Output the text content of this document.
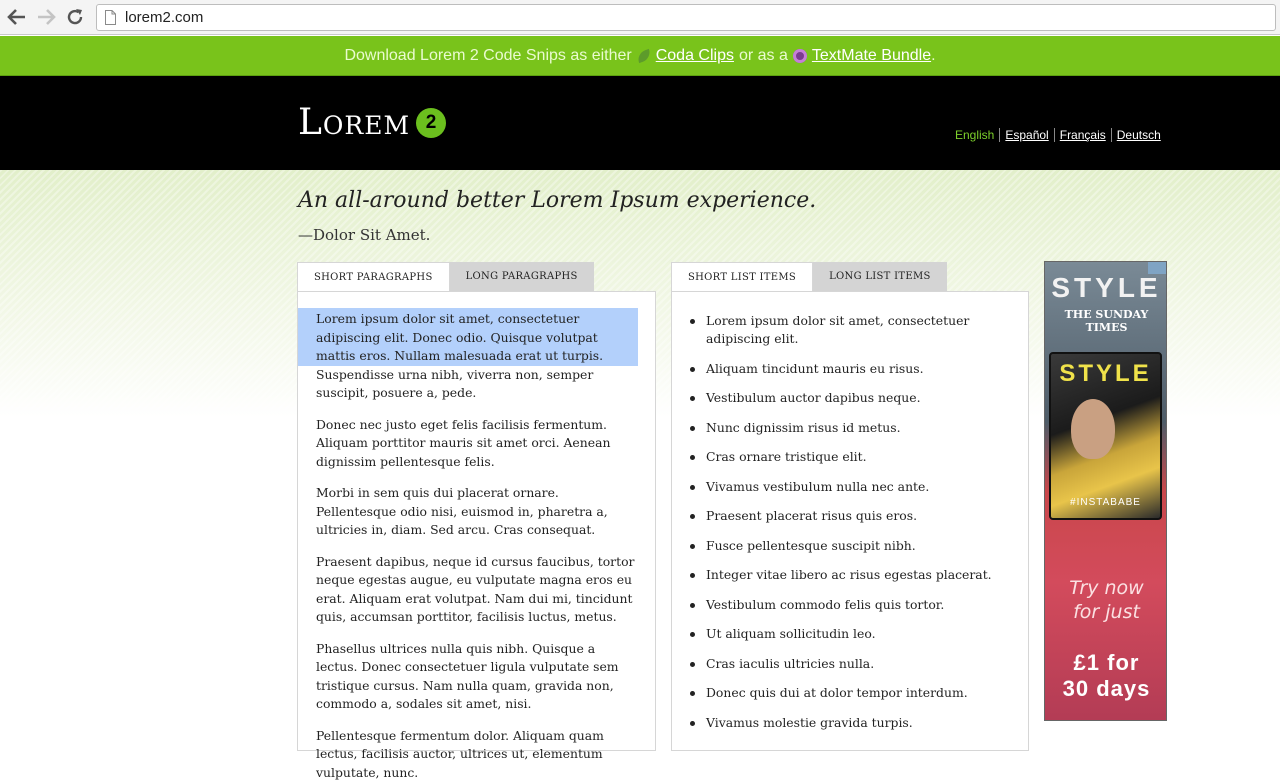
lorem2.com
Download Lorem 2 Code Snips as either Coda Clips or as a TextMate Bundle .
Lorem 2
English Español Français Deutsch
An all-around better Lorem Ipsum experience.
—Dolor Sit Amet.
SHORT PARAGRAPHS	LONG PARAGRAPHS

Lorem ipsum dolor sit amet, consectetuer adipiscing elit. Donec odio. Quisque volutpat mattis eros. Nullam malesuada erat ut turpis. Suspendisse urna nibh, viverra non, semper suscipit, posuere a, pede.

Donec nec justo eget felis facilisis fermentum. Aliquam porttitor mauris sit amet orci. Aenean dignissim pellentesque felis.

Morbi in sem quis dui placerat ornare. Pellentesque odio nisi, euismod in, pharetra a, ultricies in, diam. Sed arcu. Cras consequat.

Praesent dapibus, neque id cursus faucibus, tortor neque egestas augue, eu vulputate magna eros eu erat. Aliquam erat volutpat. Nam dui mi, tincidunt quis, accumsan porttitor, facilisis luctus, metus.

Phasellus ultrices nulla quis nibh. Quisque a lectus. Donec consectetuer ligula vulputate sem tristique cursus. Nam nulla quam, gravida non, commodo a, sodales sit amet, nisi.

Pellentesque fermentum dolor. Aliquam quam lectus, facilisis auctor, ultrices ut, elementum vulputate, nunc.

SHORT LIST ITEMS	LONG LIST ITEMS
Lorem ipsum dolor sit amet, consectetuer adipiscing elit.
Aliquam tincidunt mauris eu risus.
Vestibulum auctor dapibus neque.
Nunc dignissim risus id metus.
Cras ornare tristique elit.
Vivamus vestibulum nulla nec ante.
Praesent placerat risus quis eros.
Fusce pellentesque suscipit nibh.
Integer vitae libero ac risus egestas placerat.
Vestibulum commodo felis quis tortor.
Ut aliquam sollicitudin leo.
Cras iaculis ultricies nulla.
Donec quis dui at dolor tempor interdum.
Vivamus molestie gravida turpis.
STYLE
THE SUNDAY TIMES
STYLE
#INSTABABE
Try now
for just
£1 for
30 days
